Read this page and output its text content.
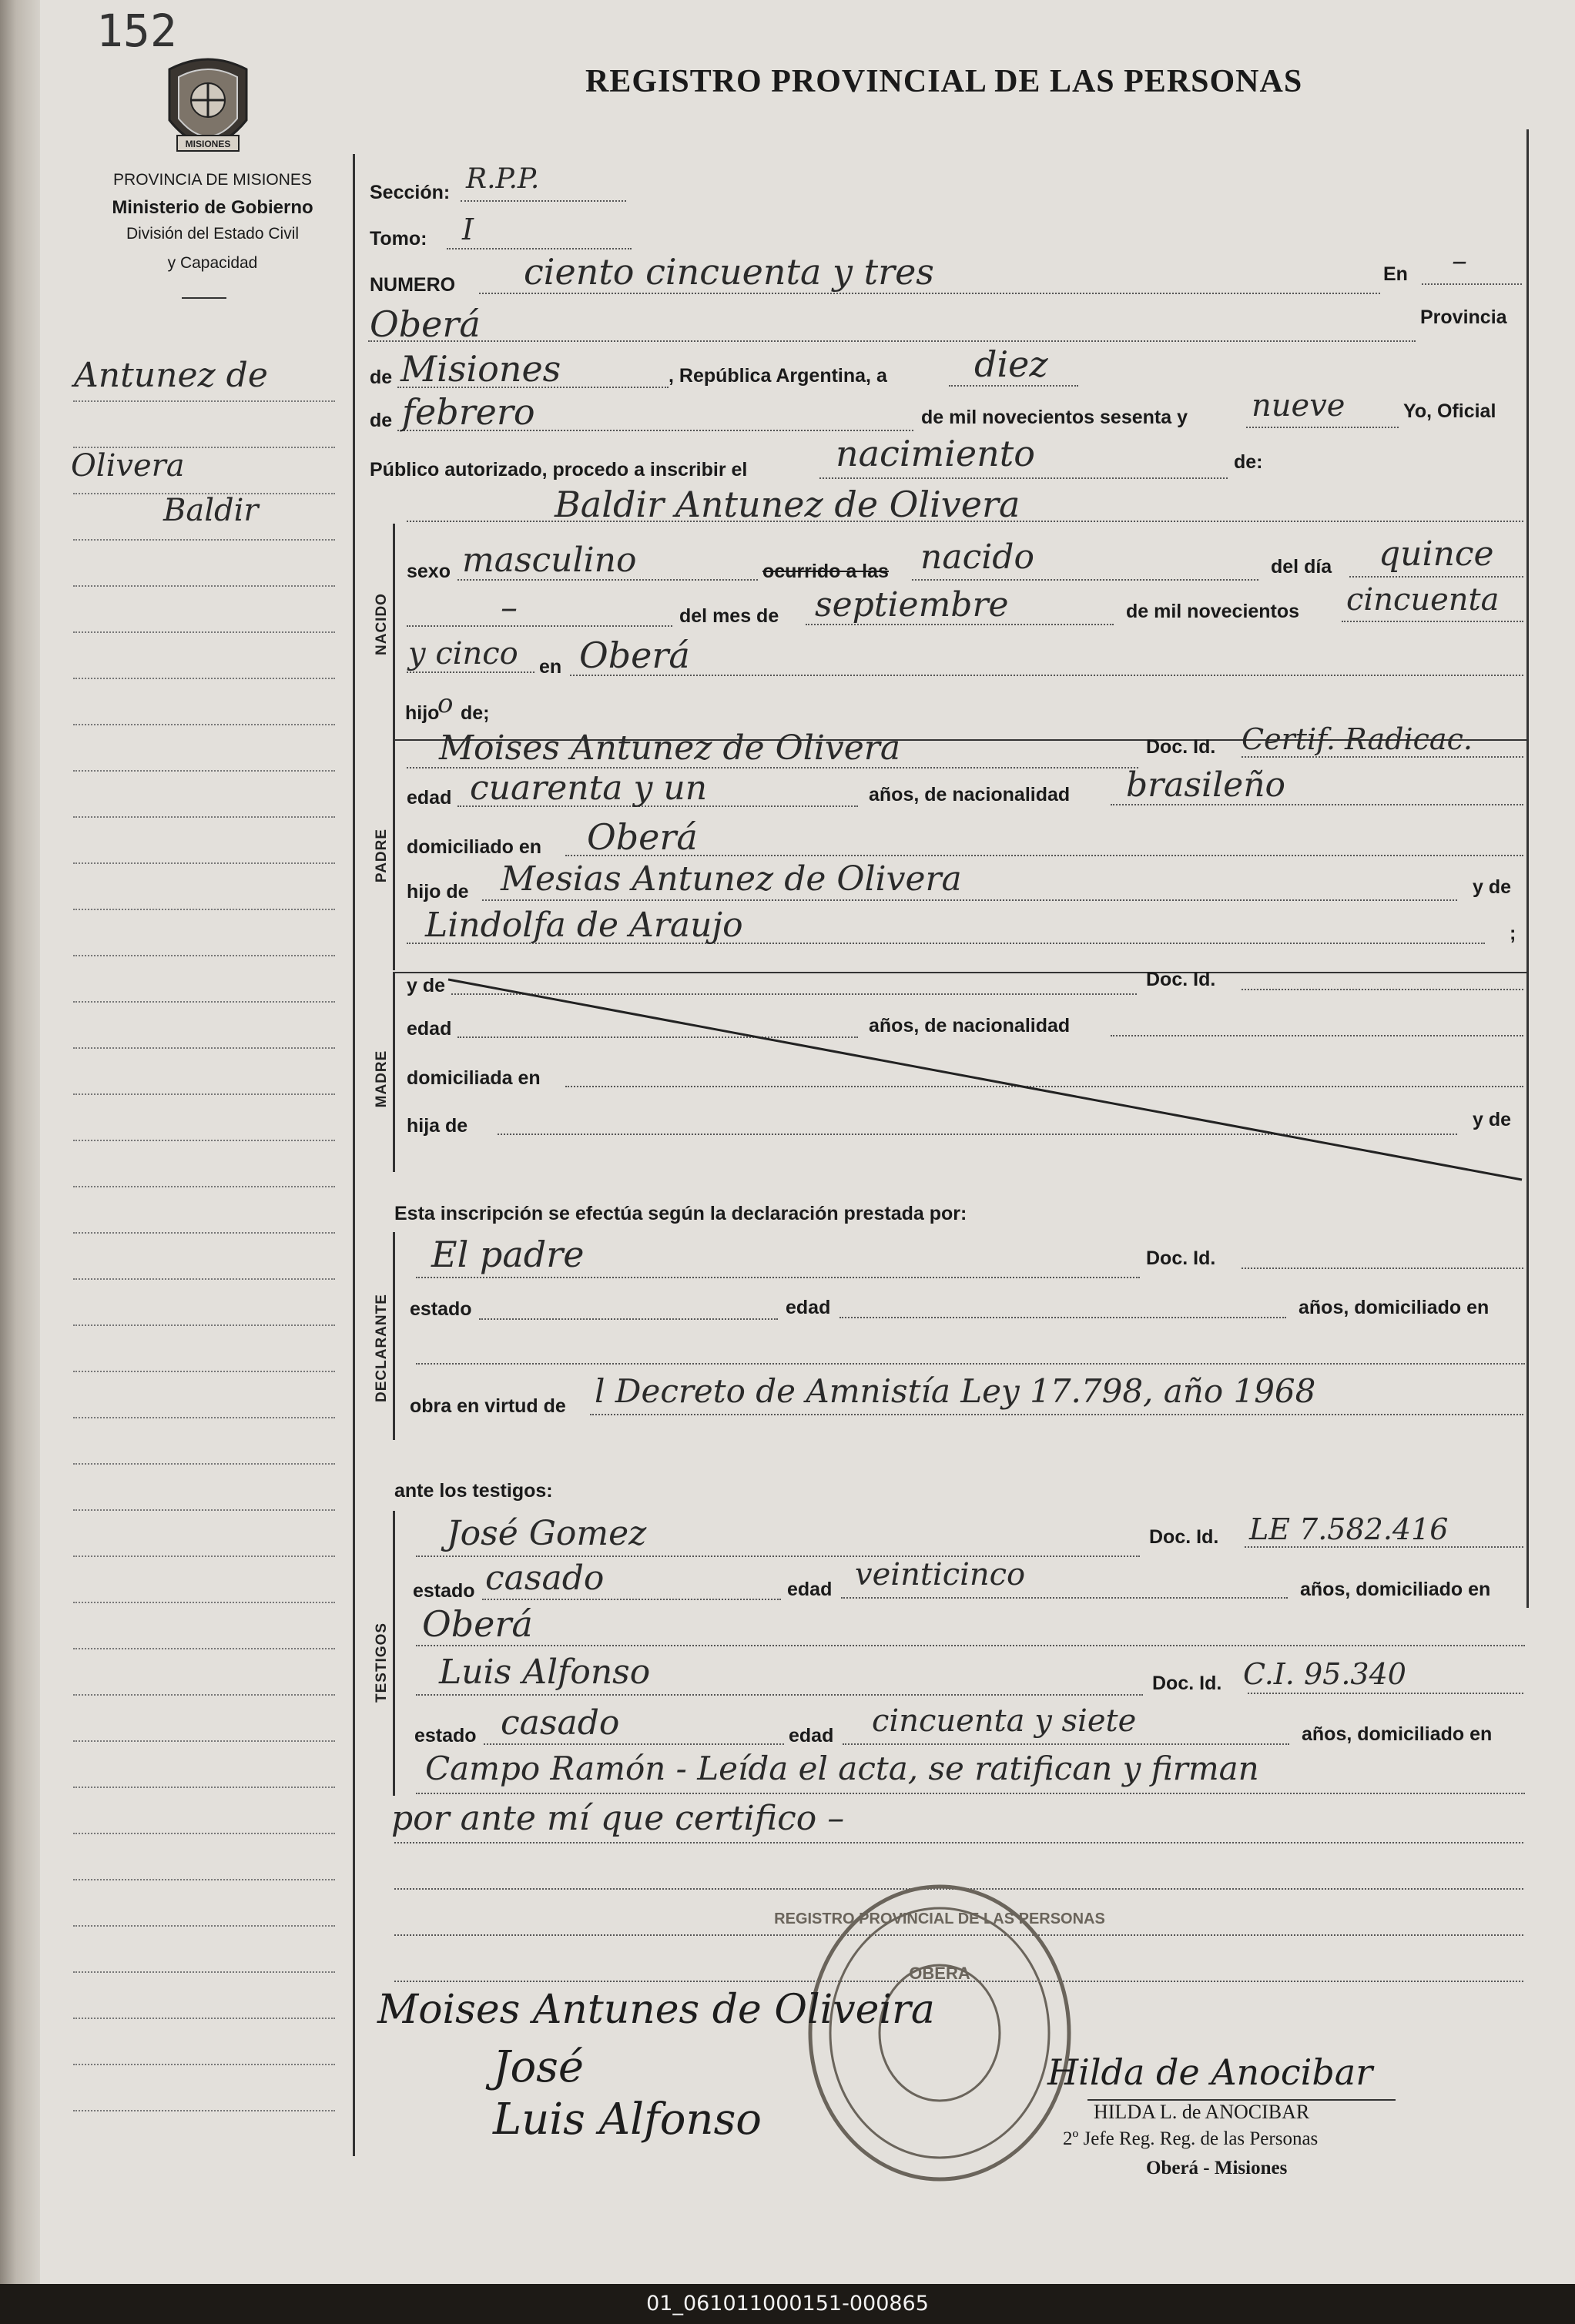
152
MISIONES
PROVINCIA DE MISIONES
Ministerio de Gobierno
División del Estado Civil
y Capacidad
REGISTRO PROVINCIAL DE LAS PERSONAS
Antunez de
Olivera
Baldir
Sección: R.P.P.
Tomo: I
NUMERO ciento cincuenta y tres	En –
Oberá	Provincia
de Misiones	, República Argentina, a diez
de febrero	de mil novecientos sesenta y nueve	Yo, Oficial
Público autorizado, procedo a inscribir el nacimiento	de:
NACIDO
Baldir Antunez de Olivera
sexo masculino	ocurrido a las nacido	del día quince
–	del mes de septiembre	de mil novecientos cincuenta
y cinco en Oberá
hijo
o de;
PADRE
Moises Antunez de Olivera	Doc. Id. Certif. Radicac.
edad cuarenta y un	años, de nacionalidad brasileño
domiciliado en Oberá
hijo de Mesias Antunez de Olivera	y de
Lindolfa de Araujo	;
MADRE
y de	Doc. Id.
edad	años, de nacionalidad
domiciliada en
hija de	y de
Esta inscripción se efectúa según la declaración prestada por:
DECLARANTE
El padre	Doc. Id.
estado	edad	años, domiciliado en
obra en virtud de l Decreto de Amnistía Ley 17.798, año 1968
ante los testigos:
TESTIGOS
José Gomez	Doc. Id. LE 7.582.416
estado casado	edad veinticinco	años, domiciliado en
Oberá
Luis Alfonso	Doc. Id. C.I. 95.340
estado casado	edad cincuenta y siete	años, domiciliado en
Campo Ramón - Leída el acta, se ratifican y firman
por ante mí que certifico –
REGISTRO PROVINCIAL DE LAS PERSONAS
OBERA
Moises Antunes de Oliveira
José
Luis Alfonso
Hilda de Anocibar
HILDA L. de ANOCIBAR
2º Jefe Reg. Reg. de las Personas
Oberá - Misiones
01_061011000151-000865
